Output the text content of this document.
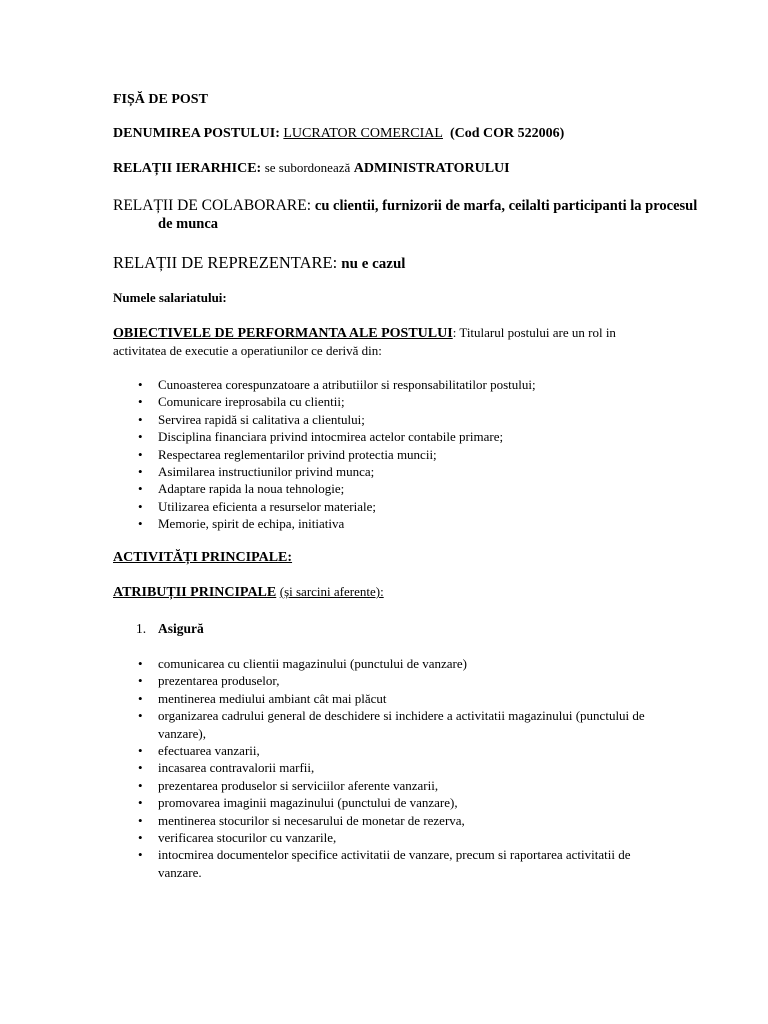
FIȘĂ DE POST

DENUMIREA POSTULUI: LUCRATOR COMERCIAL (Cod COR 522006)

RELAȚII IERARHICE: se subordonează ADMINISTRATORULUI

RELAȚII DE COLABORARE: cu clientii, furnizorii de marfa, ceilalti participanti la procesul de munca

RELAȚII DE REPREZENTARE: nu e cazul

Numele salariatului:

OBIECTIVELE DE PERFORMANTA ALE POSTULUI: Titularul postului are un rol in activitatea de executie a operatiunilor ce derivă din:

• Cunoasterea corespunzatoare a atributiilor si responsabilitatilor postului;
• Comunicare ireprosabila cu clientii;
• Servirea rapidă si calitativa a clientului;
• Disciplina financiara privind intocmirea actelor contabile primare;
• Respectarea reglementarilor privind protectia muncii;
• Asimilarea instructiunilor privind munca;
• Adaptare rapida la noua tehnologie;
• Utilizarea eficienta a resurselor materiale;
• Memorie, spirit de echipa, initiativa

ACTIVITĂȚI PRINCIPALE:

ATRIBUȚII PRINCIPALE (și sarcini aferente):

1. Asigură
• comunicarea cu clientii magazinului (punctului de vanzare)
• prezentarea produselor,
• mentinerea mediului ambiant cât mai plăcut
• organizarea cadrului general de deschidere si inchidere a activitatii magazinului (punctului de vanzare),
• efectuarea vanzarii,
• incasarea contravalorii marfii,
• prezentarea produselor si serviciilor aferente vanzarii,
• promovarea imaginii magazinului (punctului de vanzare),
• mentinerea stocurilor si necesarului de monetar de rezerva,
• verificarea stocurilor cu vanzarile,
• intocmirea documentelor specifice activitatii de vanzare, precum si raportarea activitatii de vanzare.
